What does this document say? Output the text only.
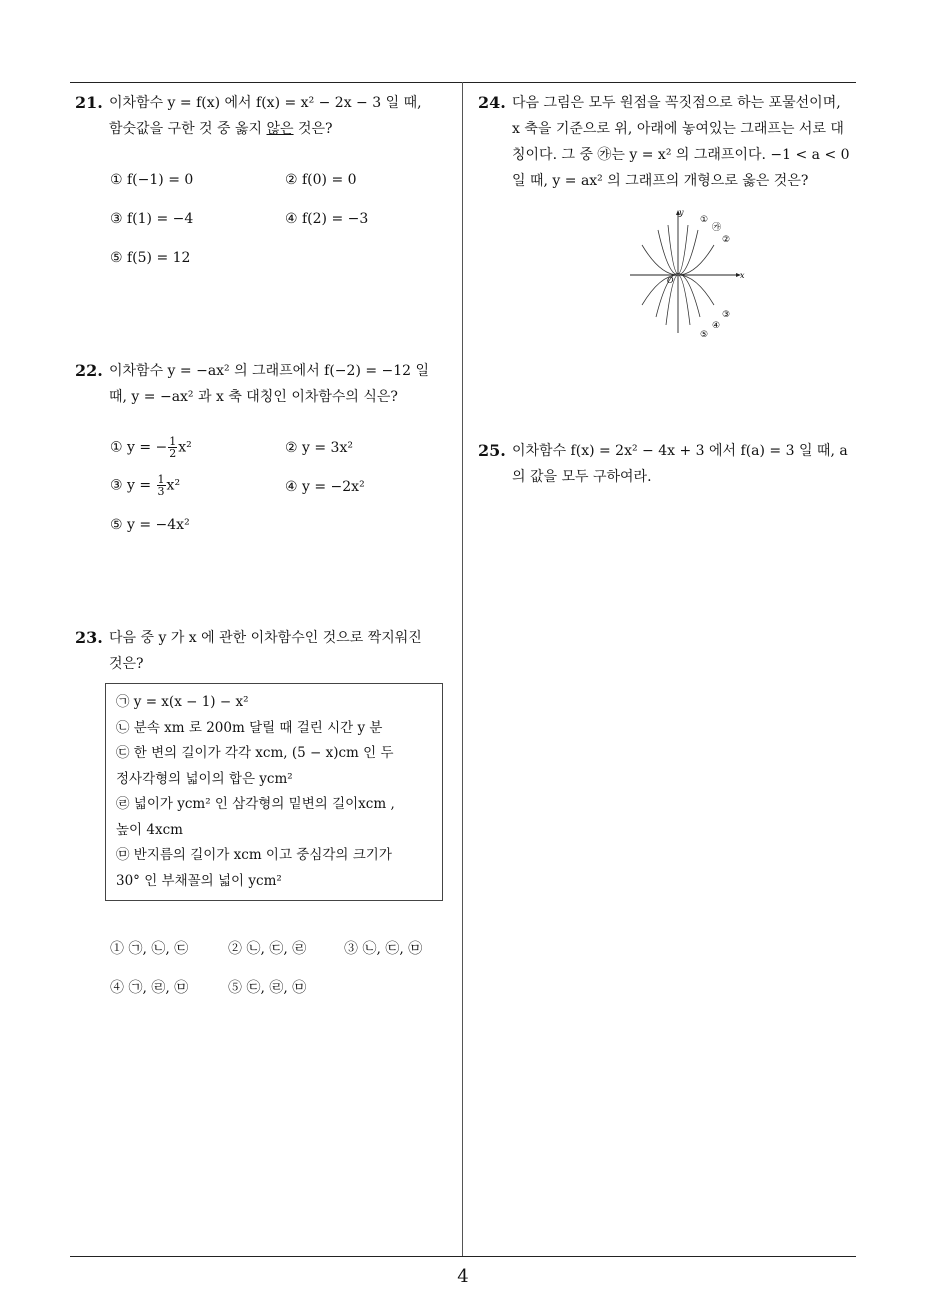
4
21. 이차함수 y = f(x) 에서 f(x) = x² − 2x − 3 일 때,
함숫값을 구한 것 중 옳지 않은 것은?
① f(−1) = 0	② f(0) = 0
③ f(1) = −4	④ f(2) = −3
⑤ f(5) = 12
22. 이차함수 y = −ax² 의 그래프에서 f(−2) = −12 일
때, y = −ax² 과 x 축 대칭인 이차함수의 식은?
① y = − $\frac{1}{2} x^2$	② y = 3x²
③ $y = \frac{1}{3} x^2$	④ y = −2x²
⑤ y = −4x²
23. 다음 중 y 가 x 에 관한 이차함수인 것으로 짝지워진
것은?
㉠ y = x(x − 1) − x²
㉡ 분속 xm 로 200m 달릴 때 걸린 시간 y 분
㉢ 한 변의 길이가 각각 xcm, (5 − x)cm 인 두
정사각형의 넓이의 합은 ycm²
㉣ 넓이가 ycm² 인 삼각형의 밑변의 길이xcm ,
높이 4xcm
㉤ 반지름의 길이가 xcm 이고 중심각의 크기가
30° 인 부채꼴의 넓이 ycm²
① ㉠, ㉡, ㉢	② ㉡, ㉢, ㉣	③ ㉡, ㉢, ㉤
④ ㉠, ㉣, ㉤	⑤ ㉢, ㉣, ㉤
24. 다음 그림은 모두 원점을 꼭짓점으로 하는 포물선이며,
x 축을 기준으로 위, 아래에 놓여있는 그래프는 서로 대
칭이다. 그 중 ㉮는 y = x² 의 그래프이다. −1 < a < 0
일 때, y = ax² 의 그래프의 개형으로 옳은 것은?
y
x
O
①
㉮
②
③
④
⑤
25. 이차함수 f(x) = 2x² − 4x + 3 에서 f(a) = 3 일 때, a
의 값을 모두 구하여라.
